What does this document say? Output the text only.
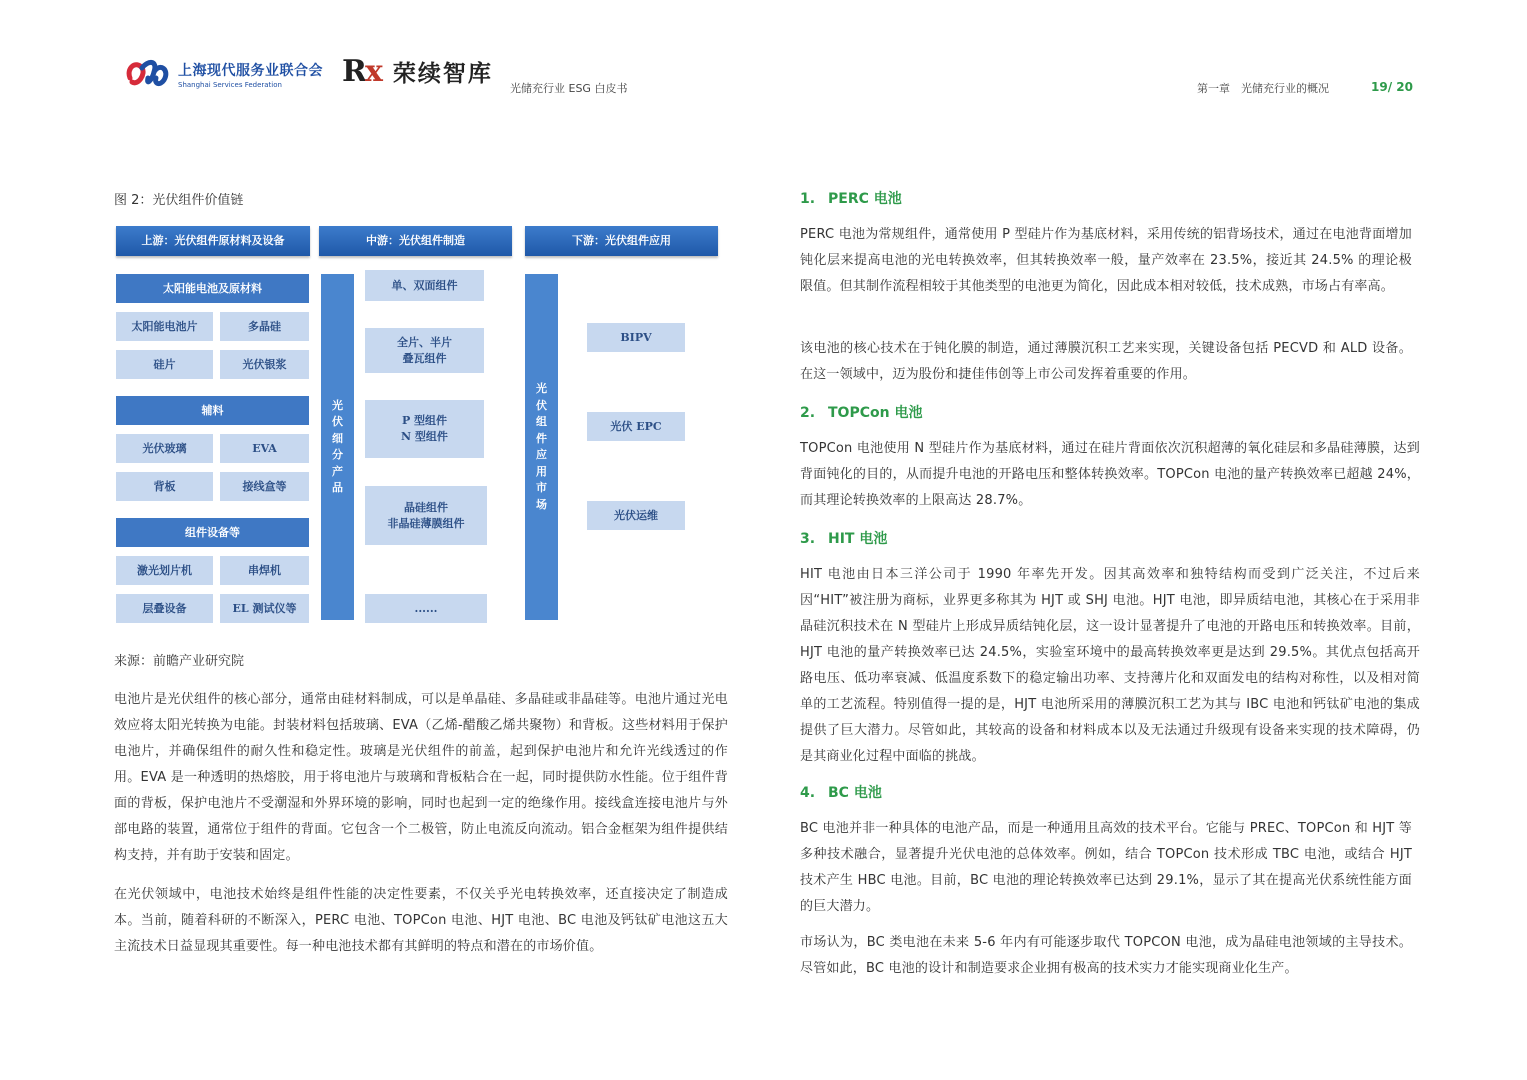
上海现代服务业联合会
Shanghai Services Federation	Rx 荣续智库
光储充行业 ESG 白皮书	第一章　光储充行业的概况	19/ 20
图 2：光伏组件价值链
上游：光伏组件原材料及设备	中游：光伏组件制造	下游：光伏组件应用
太阳能电池及原材料
太阳能电池片	多晶硅
硅片	光伏银浆
辅料
光伏玻璃	EVA
背板	接线盒等
组件设备等
激光划片机	串焊机
层叠设备	EL 测试仪等
光
伏
细
分
产
品
单、双面组件
全片、半片
叠瓦组件
P 型组件
N 型组件
晶硅组件
非晶硅薄膜组件
......
光
伏
组
件
应
用
市
场
BIPV
光伏 EPC
光伏运维
来源：前瞻产业研究院
电池片是光伏组件的核心部分，通常由硅材料制成，可以是单晶硅、多晶硅或非晶硅等。电池片通过光电效应将太阳光转换为电能。封装材料包括玻璃、EVA（乙烯-醋酸乙烯共聚物）和背板。这些材料用于保护电池片，并确保组件的耐久性和稳定性。玻璃是光伏组件的前盖，起到保护电池片和允许光线透过的作用。EVA 是一种透明的热熔胶，用于将电池片与玻璃和背板粘合在一起，同时提供防水性能。位于组件背面的背板，保护电池片不受潮湿和外界环境的影响，同时也起到一定的绝缘作用。接线盒连接电池片与外部电路的装置，通常位于组件的背面。它包含一个二极管，防止电流反向流动。铝合金框架为组件提供结构支持，并有助于安装和固定。
在光伏领域中，电池技术始终是组件性能的决定性要素，不仅关乎光电转换效率，还直接决定了制造成本。当前，随着科研的不断深入，PERC 电池、TOPCon 电池、HJT 电池、BC 电池及钙钛矿电池这五大主流技术日益显现其重要性。每一种电池技术都有其鲜明的特点和潜在的市场价值。
1. PERC 电池
PERC 电池为常规组件，通常使用 P 型硅片作为基底材料，采用传统的铝背场技术，通过在电池背面增加钝化层来提高电池的光电转换效率，但其转换效率一般，量产效率在 23.5%，接近其 24.5% 的理论极限值。但其制作流程相较于其他类型的电池更为简化，因此成本相对较低，技术成熟，市场占有率高。
该电池的核心技术在于钝化膜的制造，通过薄膜沉积工艺来实现，关键设备包括 PECVD 和 ALD 设备。在这一领域中，迈为股份和捷佳伟创等上市公司发挥着重要的作用。
2. TOPCon 电池
TOPCon 电池使用 N 型硅片作为基底材料，通过在硅片背面依次沉积超薄的氧化硅层和多晶硅薄膜，达到背面钝化的目的，从而提升电池的开路电压和整体转换效率。TOPCon 电池的量产转换效率已超越 24%，而其理论转换效率的上限高达 28.7%。
3. HIT 电池
HIT 电池由日本三洋公司于 1990 年率先开发。因其高效率和独特结构而受到广泛关注，不过后来因“HIT”被注册为商标，业界更多称其为 HJT 或 SHJ 电池。HJT 电池，即异质结电池，其核心在于采用非晶硅沉积技术在 N 型硅片上形成异质结钝化层，这一设计显著提升了电池的开路电压和转换效率。目前，HJT 电池的量产转换效率已达 24.5%，实验室环境中的最高转换效率更是达到 29.5%。其优点包括高开路电压、低功率衰减、低温度系数下的稳定输出功率、支持薄片化和双面发电的结构对称性，以及相对简单的工艺流程。特别值得一提的是，HJT 电池所采用的薄膜沉积工艺为其与 IBC 电池和钙钛矿电池的集成提供了巨大潜力。尽管如此，其较高的设备和材料成本以及无法通过升级现有设备来实现的技术障碍，仍是其商业化过程中面临的挑战。
4. BC 电池
BC 电池并非一种具体的电池产品，而是一种通用且高效的技术平台。它能与 PREC、TOPCon 和 HJT 等多种技术融合，显著提升光伏电池的总体效率。例如，结合 TOPCon 技术形成 TBC 电池，或结合 HJT 技术产生 HBC 电池。目前，BC 电池的理论转换效率已达到 29.1%，显示了其在提高光伏系统性能方面的巨大潜力。
市场认为，BC 类电池在未来 5-6 年内有可能逐步取代 TOPCON 电池，成为晶硅电池领域的主导技术。尽管如此，BC 电池的设计和制造要求企业拥有极高的技术实力才能实现商业化生产。
